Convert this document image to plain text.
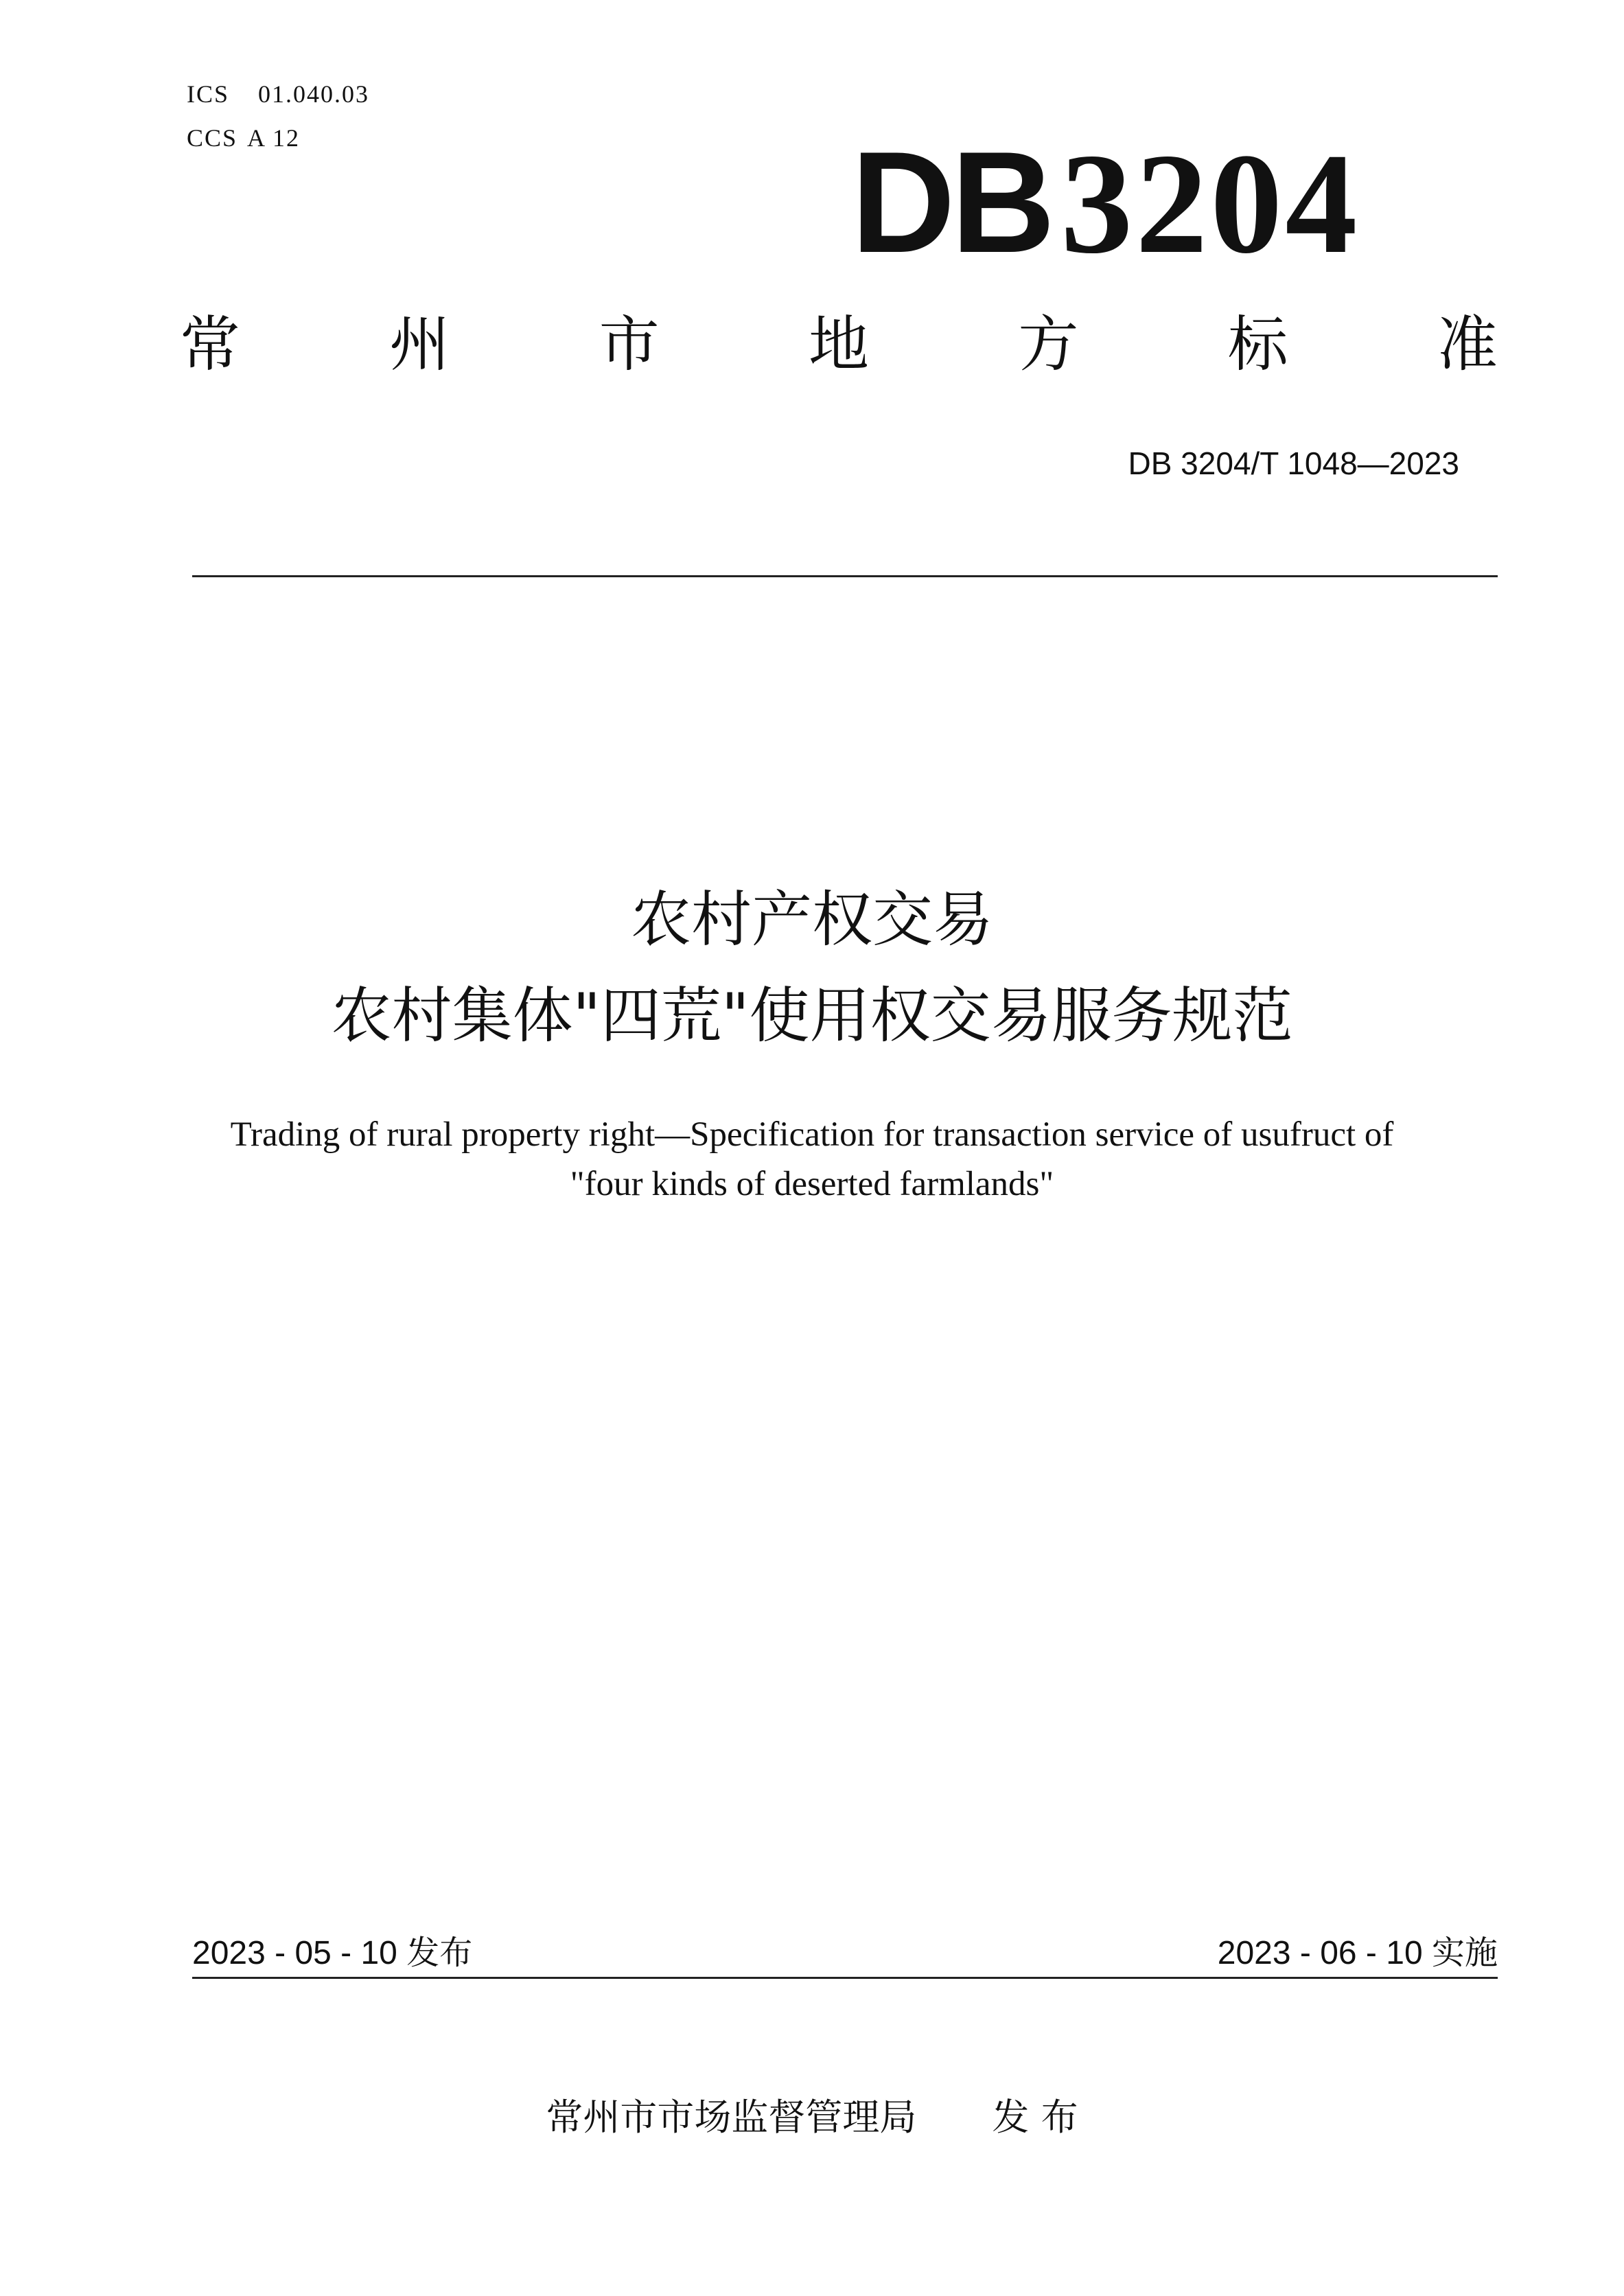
ICS 01.040.03
CCS A 12	DB3204
常 州 市 地 方 标 准
DB 3204/T 1048—2023
农村产权交易
农村集体"四荒"使用权交易服务规范
Trading of rural property right—Specification for transaction service of usufruct of
"four kinds of deserted farmlands"
2023 - 05 - 10 发布	2023 - 06 - 10 实施
常州市市场监督管理局 发 布
